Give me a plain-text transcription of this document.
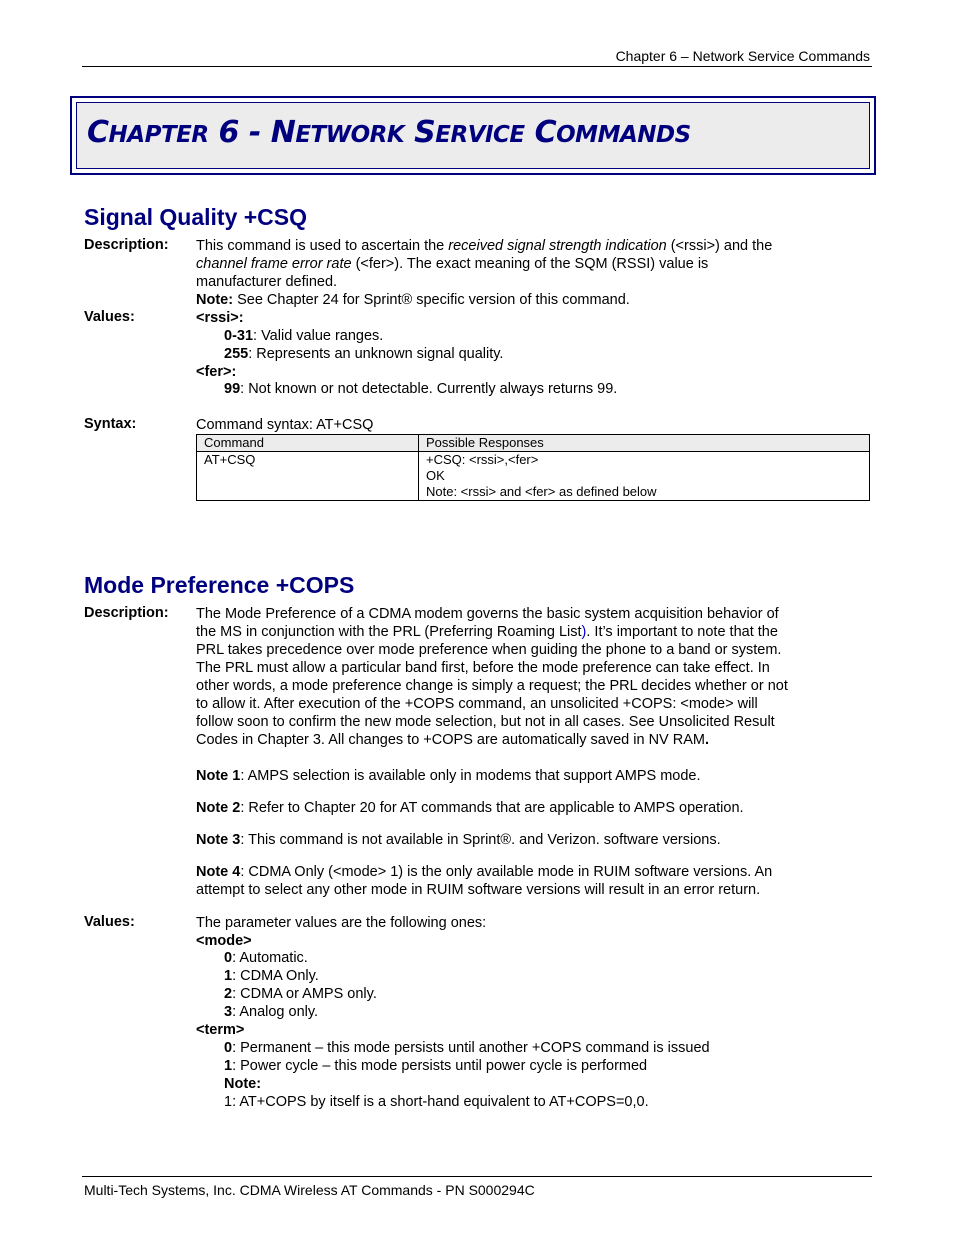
Chapter 6 – Network Service Commands
CHAPTER 6 - NETWORK SERVICE COMMANDS
Signal Quality +CSQ
Description: This command is used to ascertain the received signal strength indication (<rssi>) and the
channel frame error rate (<fer>). The exact meaning of the SQM (RSSI) value is
manufacturer defined.
Note: See Chapter 24 for Sprint® specific version of this command.
Values:	<rssi>:
0-31: Valid value ranges.
255: Represents an unknown signal quality.
<fer>:
99: Not known or not detectable. Currently always returns 99.
Syntax:	Command syntax: AT+CSQ
Command	Possible Responses
AT+CSQ	+CSQ: <rssi>,<fer>
OK
Note: <rssi> and <fer> as defined below
Mode Preference +COPS
Description: The Mode Preference of a CDMA modem governs the basic system acquisition behavior of
the MS in conjunction with the PRL (Preferring Roaming List). It’s important to note that the
PRL takes precedence over mode preference when guiding the phone to a band or system.
The PRL must allow a particular band first, before the mode preference can take effect. In
other words, a mode preference change is simply a request; the PRL decides whether or not
to allow it. After execution of the +COPS command, an unsolicited +COPS: <mode> will
follow soon to confirm the new mode selection, but not in all cases. See Unsolicited Result
Codes in Chapter 3. All changes to +COPS are automatically saved in NV RAM.
Note 1: AMPS selection is available only in modems that support AMPS mode.
Note 2: Refer to Chapter 20 for AT commands that are applicable to AMPS operation.
Note 3: This command is not available in Sprint®. and Verizon. software versions.
Note 4: CDMA Only (<mode> 1) is the only available mode in RUIM software versions. An
attempt to select any other mode in RUIM software versions will result in an error return.
Values:	The parameter values are the following ones:
<mode>
0: Automatic.
1: CDMA Only.
2: CDMA or AMPS only.
3: Analog only.
<term>
0: Permanent – this mode persists until another +COPS command is issued
1: Power cycle – this mode persists until power cycle is performed
Note:
1: AT+COPS by itself is a short-hand equivalent to AT+COPS=0,0.
Multi-Tech Systems, Inc. CDMA Wireless AT Commands - PN S000294C
